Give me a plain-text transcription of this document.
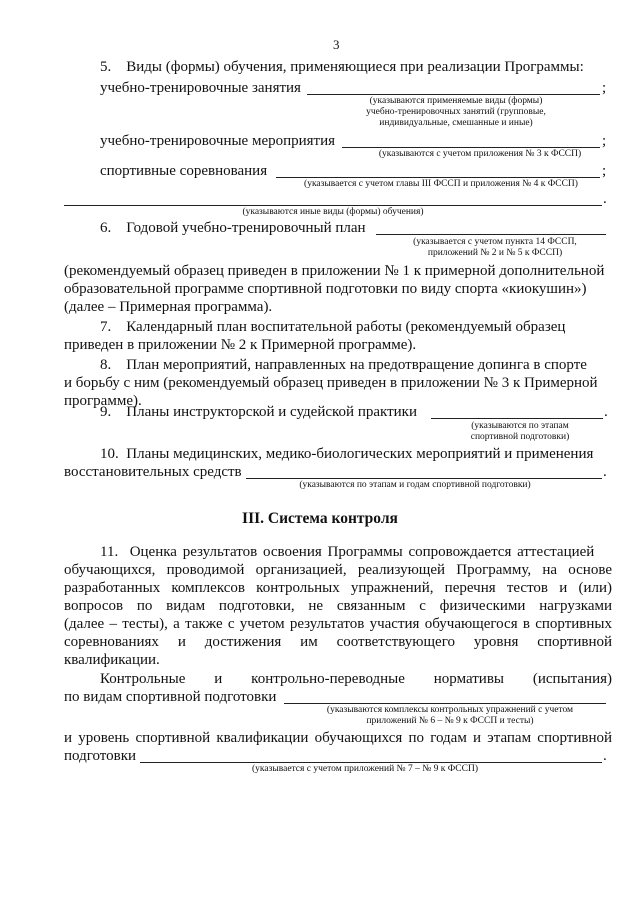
3
5.    Виды (формы) обучения, применяющиеся при реализации Программы:
учебно-тренировочные занятия	;
(указываются применяемые виды (формы)
учебно-тренировочных занятий (групповые,
индивидуальные, смешанные и иные)
учебно-тренировочные мероприятия	;
(указываются с учетом приложения № 3 к ФССП)
спортивные соревнования	;
(указывается с учетом главы III ФССП и приложения № 4 к ФССП)
.
(указываются иные виды (формы) обучения)
6.    Годовой учебно-тренировочный план
(указывается с учетом пункта 14 ФССП,
приложений № 2 и № 5 к ФССП)
(рекомендуемый образец приведен в приложении № 1 к примерной дополнительной
образовательной программе спортивной подготовки по виду спорта «киокушин»)
(далее – Примерная программа).
7.    Календарный план воспитательной работы (рекомендуемый образец
приведен в приложении № 2 к Примерной программе).
8.    План мероприятий, направленных на предотвращение допинга в спорте
и борьбу с ним (рекомендуемый образец приведен в приложении № 3 к Примерной
программе).
9.    Планы инструкторской и судейской практики	.
(указываются по этапам
спортивной подготовки)
10.  Планы медицинских, медико-биологических мероприятий и применения
восстановительных средств	.
(указываются по этапам и годам спортивной подготовки)
III. Система контроля
11.  Оценка результатов освоения Программы сопровождается аттестацией
обучающихся, проводимой организацией, реализующей Программу, на основе
разработанных комплексов контрольных упражнений, перечня тестов и (или)
вопросов по видам подготовки, не связанным с физическими нагрузками
(далее – тесты), а также с учетом результатов участия обучающегося в спортивных
соревнованиях и достижения им соответствующего уровня спортивной
квалификации.
Контрольные и контрольно-переводные нормативы (испытания)
по видам спортивной подготовки
(указываются комплексы контрольных упражнений с учетом
приложений № 6 – № 9 к ФССП и тесты)
и уровень спортивной квалификации обучающихся по годам и этапам спортивной
подготовки	.
(указывается с учетом приложений № 7 – № 9 к ФССП)
